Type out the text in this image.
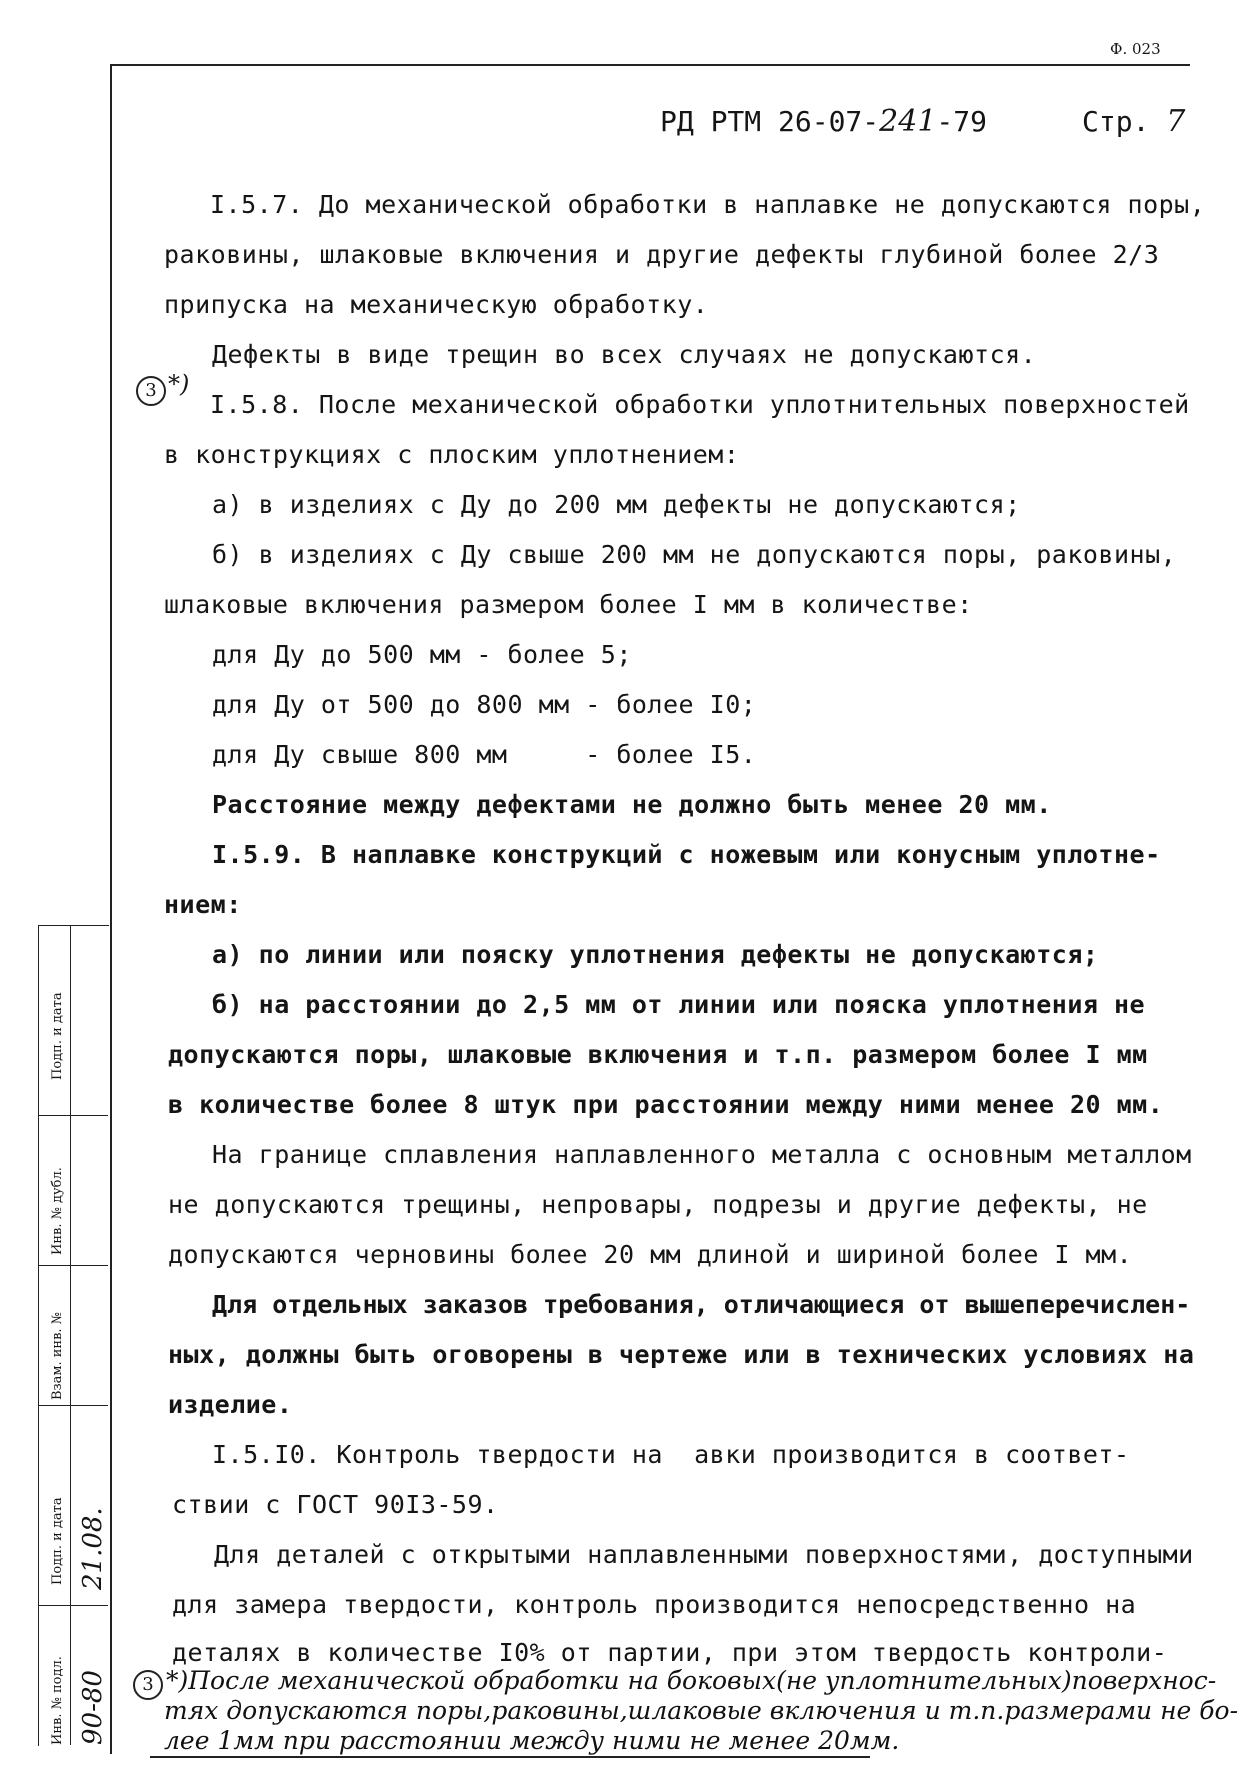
Ф. 023
РД РТМ 26-07-241-79	Стр. 7
I.5.7. До механической обработки в наплавке не допускаются поры,
раковины, шлаковые включения и другие дефекты глубиной более 2/3
припуска на механическую обработку.
Дефекты в виде трещин во всех случаях не допускаются.
I.5.8. После механической обработки уплотнительных поверхностей
в конструкциях с плоским уплотнением:
а) в изделиях с Ду до 200 мм дефекты не допускаются;
б) в изделиях с Ду свыше 200 мм не допускаются поры, раковины,
шлаковые включения размером более I мм в количестве:
для Ду до 500 мм - более 5;
для Ду от 500 до 800 мм - более I0;
для Ду свыше 800 мм     - более I5.
Расстояние между дефектами не должно быть менее 20 мм.
I.5.9. В наплавке конструкций с ножевым или конусным уплотне-
нием:
а) по линии или пояску уплотнения дефекты не допускаются;
б) на расстоянии до 2,5 мм от линии или пояска уплотнения не
допускаются поры, шлаковые включения и т.п. размером более I мм
в количестве более 8 штук при расстоянии между ними менее 20 мм.
На границе сплавления наплавленного металла с основным металлом
не допускаются трещины, непровары, подрезы и другие дефекты, не
допускаются черновины более 20 мм длиной и шириной более I мм.
Для отдельных заказов требования, отличающиеся от вышеперечислен-
ных, должны быть оговорены в чертеже или в технических условиях на
изделие.
I.5.I0. Контроль твердости на  авки производится в соответ-
ствии с ГОСТ 90I3-59.
Для деталей с открытыми наплавленными поверхностями, доступными
для замера твердости, контроль производится непосредственно на
деталях в количестве I0% от партии, при этом твердость контроли-
3 *)
3 *)После механической обработки на боковых(не уплотнительных)поверхнос-
тях допускаются поры,раковины,шлаковые включения и т.п.размерами не бо-
лее 1мм при расстоянии между ними не менее 20мм.
Подп. и дата
Инв. № дубл.
Взам. инв. №
Подп. и дата
Инв. № подл.
21.08.
90-80
